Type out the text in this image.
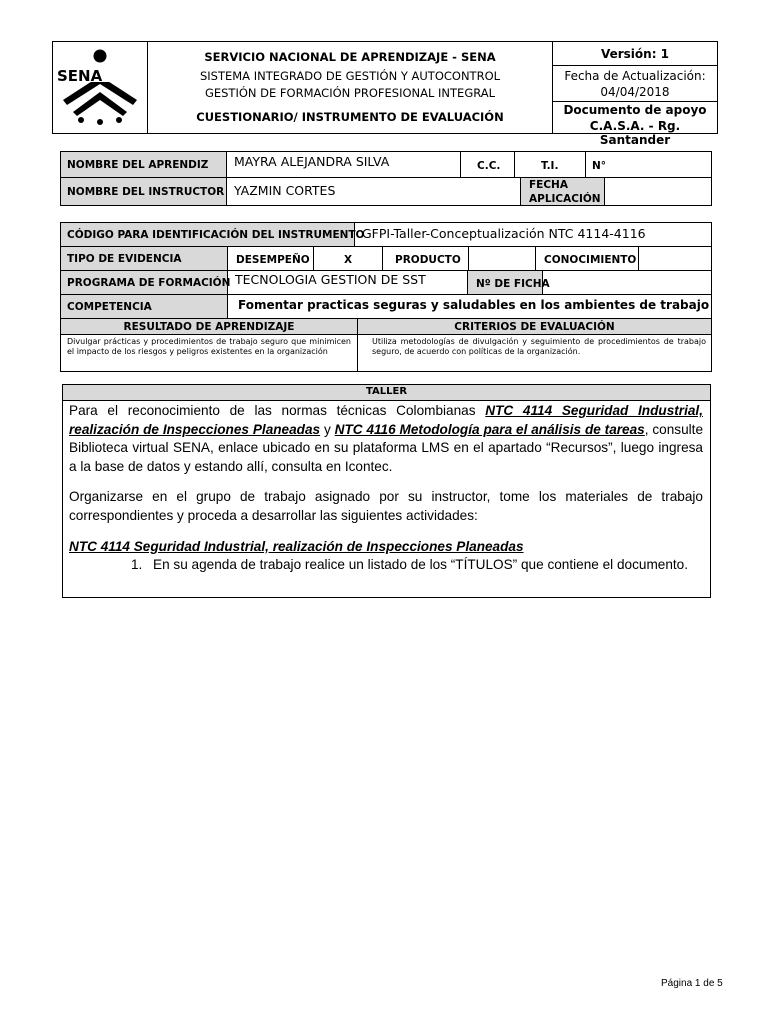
SENA
SERVICIO NACIONAL DE APRENDIZAJE - SENA
SISTEMA INTEGRADO DE GESTIÓN Y AUTOCONTROL
GESTIÓN DE FORMACIÓN PROFESIONAL INTEGRAL
CUESTIONARIO/ INSTRUMENTO DE EVALUACIÓN
Versión: 1
Fecha de Actualización:
04/04/2018
Documento de apoyo
C.A.S.A. - Rg. Santander
NOMBRE DEL APRENDIZ	MAYRA ALEJANDRA SILVA	C.C.	T.I.	N°
NOMBRE DEL INSTRUCTOR YAZMIN CORTES	FECHA
APLICACIÓN
CÓDIGO PARA IDENTIFICACIÓN DEL INSTRUMENTO
GFPI-Taller-Conceptualización NTC 4114-4116
TIPO DE EVIDENCIA	DESEMPEÑO	X	PRODUCTO	CONOCIMIENTO
PROGRAMA DE FORMACIÓN TECNOLOGIA GESTION DE SST	Nº DE FICHA
COMPETENCIA	Fomentar practicas seguras y saludables en los ambientes de trabajo
RESULTADO DE APRENDIZAJE	CRITERIOS DE EVALUACIÓN
Divulgar prácticas y procedimientos de trabajo seguro que minimicen el impacto de los riesgos y peligros existentes en la organización
Utiliza metodologías de divulgación y seguimiento de procedimientos de trabajo seguro, de acuerdo con políticas de la organización.
TALLER

Para el reconocimiento de las normas técnicas Colombianas NTC 4114 Seguridad Industrial, realización de Inspecciones Planeadas y NTC 4116 Metodología para el análisis de tareas, consulte Biblioteca virtual SENA, enlace ubicado en su plataforma LMS en el apartado “Recursos”, luego ingresa a la base de datos y estando allí, consulta en Icontec.

Organizarse en el grupo de trabajo asignado por su instructor, tome los materiales de trabajo correspondientes y proceda a desarrollar las siguientes actividades:

NTC 4114 Seguridad Industrial, realización de Inspecciones Planeadas

1. En su agenda de trabajo realice un listado de los “TÍTULOS” que contiene el documento.
Página 1 de 5
